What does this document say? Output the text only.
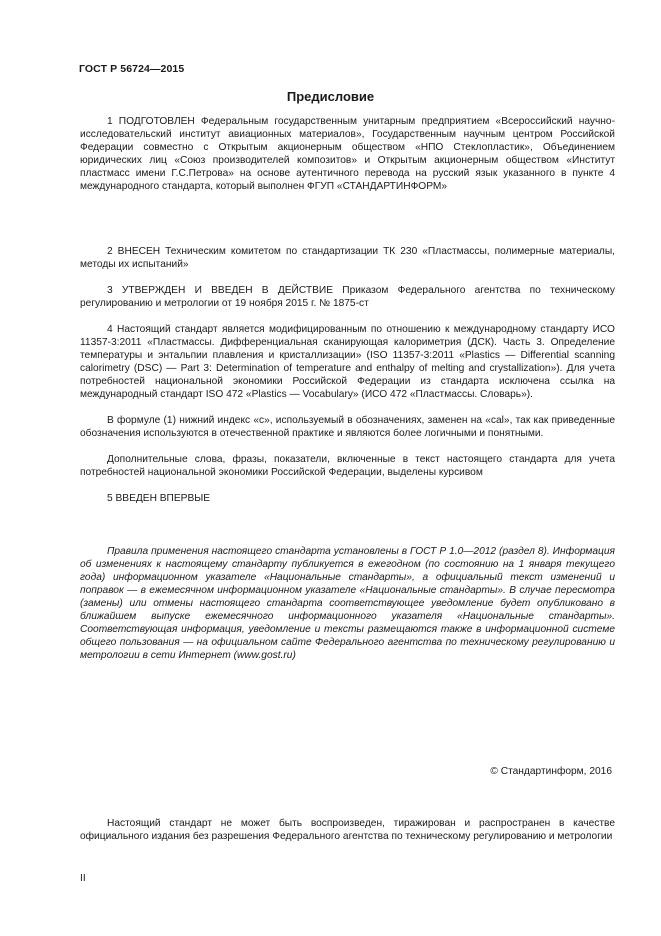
ГОСТ Р 56724—2015
Предисловие

1 ПОДГОТОВЛЕН Федеральным государственным унитарным предприятием «Всероссийский научно-исследовательский институт авиационных материалов», Государственным научным центром Российской Федерации совместно с Открытым акционерным обществом «НПО Стеклопластик», Объединением юридических лиц «Союз производителей композитов» и Открытым акционерным обществом «Институт пластмасс имени Г.С.Петрова» на основе аутентичного перевода на русский язык указанного в пункте 4 международного стандарта, который выполнен ФГУП «СТАНДАРТИНФОРМ»

2 ВНЕСЕН Техническим комитетом по стандартизации ТК 230 «Пластмассы, полимерные материалы, методы их испытаний»

3 УТВЕРЖДЕН И ВВЕДЕН В ДЕЙСТВИЕ Приказом Федерального агентства по техническому регулированию и метрологии от 19 ноября 2015 г. № 1875-ст

4 Настоящий стандарт является модифицированным по отношению к международному стандарту ИСО 11357-3:2011 «Пластмассы. Дифференциальная сканирующая калориметрия (ДСК). Часть 3. Определение температуры и энтальпии плавления и кристаллизации» (ISO 11357-3:2011 «Plastics — Differential scanning calorimetry (DSC) — Part 3: Determination of temperature and enthalpy of melting and crystallization»). Для учета потребностей национальной экономики Российской Федерации из стандарта исключена ссылка на международный стандарт ISO 472 «Plastics — Vocabulary» (ИСО 472 «Пластмассы. Словарь»).

В формуле (1) нижний индекс «c», используемый в обозначениях, заменен на «cal», так как приведенные обозначения используются в отечественной практике и являются более логичными и понятными.

Дополнительные слова, фразы, показатели, включенные в текст настоящего стандарта для учета потребностей национальной экономики Российской Федерации, выделены курсивом

5 ВВЕДЕН ВПЕРВЫЕ

Правила применения настоящего стандарта установлены в ГОСТ Р 1.0—2012 (раздел 8). Информация об изменениях к настоящему стандарту публикуется в ежегодном (по состоянию на 1 января текущего года) информационном указателе «Национальные стандарты», а официальный текст изменений и поправок — в ежемесячном информационном указателе «Национальные стандарты». В случае пересмотра (замены) или отмены настоящего стандарта соответствующее уведомление будет опубликовано в ближайшем выпуске ежемесячного информационного указателя «Национальные стандарты». Соответствующая информация, уведомление и тексты размещаются также в информационной системе общего пользования — на официальном сайте Федерального агентства по техническому регулированию и метрологии в сети Интернет (www.gost.ru)

© Стандартинформ, 2016

Настоящий стандарт не может быть воспроизведен, тиражирован и распространен в качестве официального издания без разрешения Федерального агентства по техническому регулированию и метрологии

II
